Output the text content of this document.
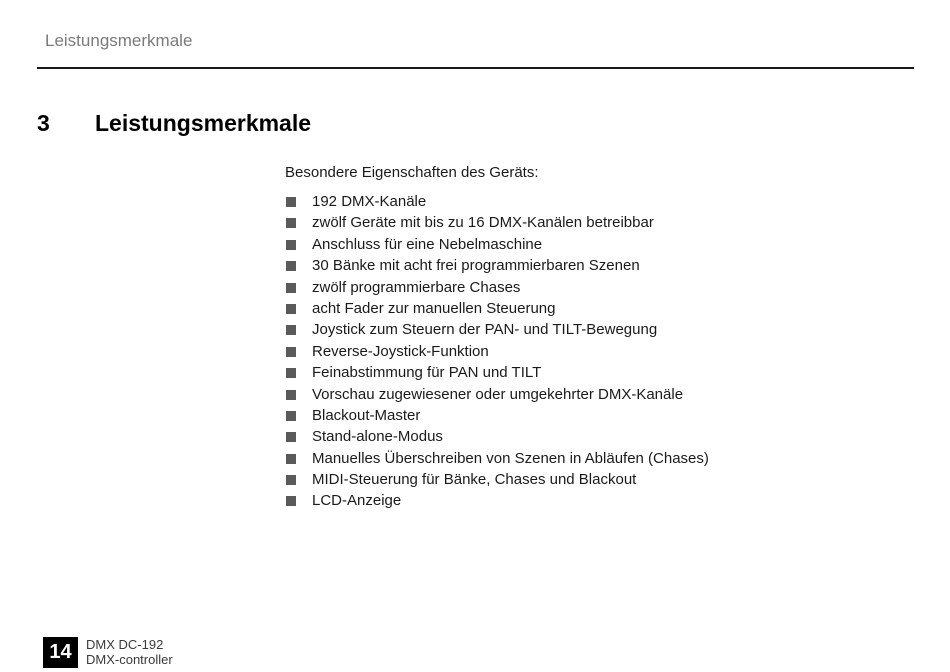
Leistungsmerkmale
3 Leistungsmerkmale
Besondere Eigenschaften des Geräts:
192 DMX-Kanäle
zwölf Geräte mit bis zu 16 DMX-Kanälen betreibbar
Anschluss für eine Nebelmaschine
30 Bänke mit acht frei programmierbaren Szenen
zwölf programmierbare Chases
acht Fader zur manuellen Steuerung
Joystick zum Steuern der PAN- und TILT-Bewegung
Reverse-Joystick-Funktion
Feinabstimmung für PAN und TILT
Vorschau zugewiesener oder umgekehrter DMX-Kanäle
Blackout-Master
Stand-alone-Modus
Manuelles Überschreiben von Szenen in Abläufen (Chases)
MIDI-Steuerung für Bänke, Chases und Blackout
LCD-Anzeige
14	DMX DC-192
DMX-controller
